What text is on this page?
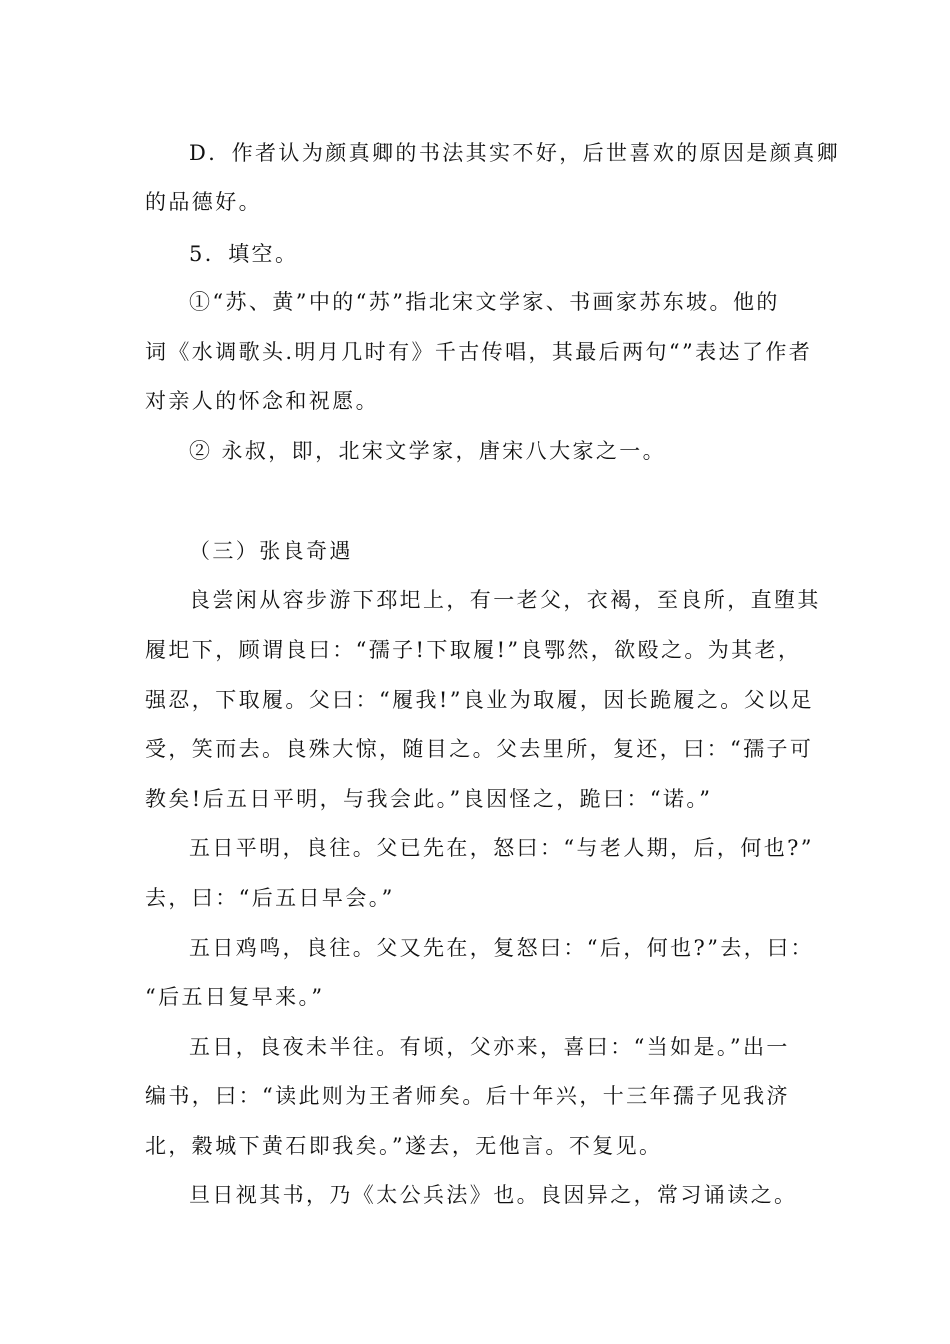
D．作者认为颜真卿的书法其实不好，后世喜欢的原因是颜真卿

的品德好。

5．填空。

①“苏、黄”中的“苏”指北宋文学家、书画家苏东坡。他的

词《水调歌头.明月几时有》千古传唱，其最后两句“”表达了作者

对亲人的怀念和祝愿。

② 永叔，即，北宋文学家，唐宋八大家之一。

（三）张良奇遇

良尝闲从容步游下邳圯上，有一老父，衣褐，至良所，直堕其

履圯下，顾谓良曰：“孺子!下取履!”良鄂然，欲殴之。为其老，

强忍，下取履。父曰：“履我!”良业为取履，因长跪履之。父以足

受，笑而去。良殊大惊，随目之。父去里所，复还，曰：“孺子可

教矣!后五日平明，与我会此。”良因怪之，跪曰：“诺。”

五日平明，良往。父已先在，怒曰：“与老人期，后，何也?”

去，曰：“后五日早会。”

五日鸡鸣，良往。父又先在，复怒曰：“后，何也?”去，曰：

“后五日复早来。”

五日，良夜未半往。有顷，父亦来，喜曰：“当如是。”出一

编书，曰：“读此则为王者师矣。后十年兴，十三年孺子见我济

北，穀城下黄石即我矣。”遂去，无他言。不复见。

旦日视其书，乃《太公兵法》也。良因异之，常习诵读之。
